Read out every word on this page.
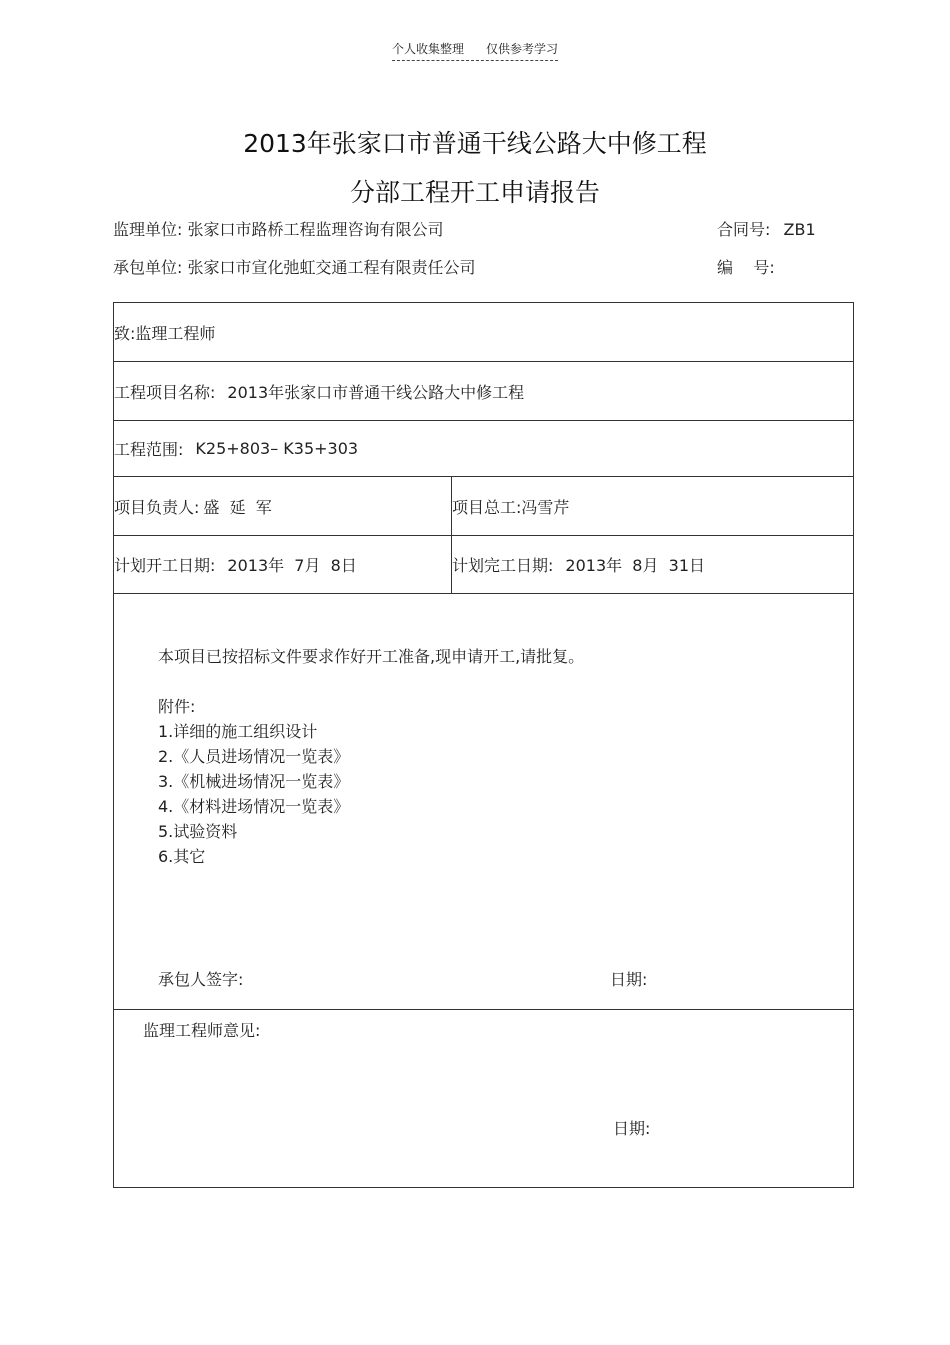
个人收集整理 仅供参考学习
2013年张家口市普通干线公路大中修工程
分部工程开工申请报告
监理单位: 张家口市路桥工程监理咨询有限公司	合同号: ZB1
承包单位: 张家口市宣化弛虹交通工程有限责任公司	编    号:
致:监理工程师
工程项目名称: 2013年张家口市普通干线公路大中修工程
工程范围: K25+803– K35+303
项目负责人: 盛  延  军	项目总工: 冯雪芹
计划开工日期: 2013年  7月  8日	计划完工日期: 2013年  8月  31日
本项目已按招标文件要求作好开工准备,现申请开工,请批复。
附件:
1.详细的施工组织设计
2.《人员进场情况一览表》
3.《机械进场情况一览表》
4.《材料进场情况一览表》
5.试验资料
6.其它
承包人签字:	日期:
监理工程师意见:
日期:
